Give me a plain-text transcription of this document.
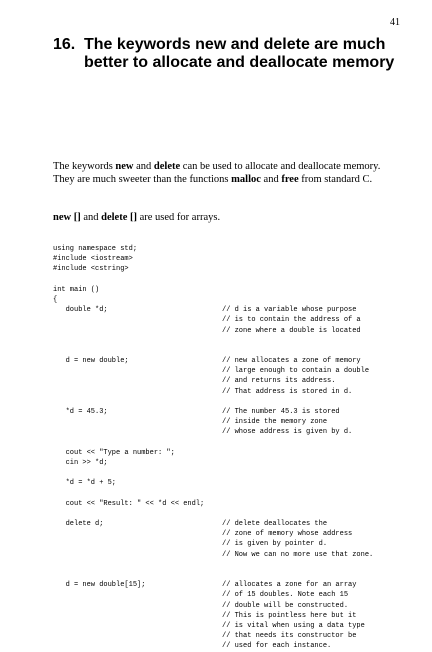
41
16. The keywords new and delete are much better to allocate and deallocate memory

The keywords new and delete can be used to allocate and deallocate memory. They are much sweeter than the functions malloc and free from standard C.

new [] and delete [] are used for arrays.
using namespace std;
#include <iostream>
#include <cstring>
int main ()
{
double *d;	// d is a variable whose purpose
// is to contain the address of a
// zone where a double is located
d = new double;	// new allocates a zone of memory
// large enough to contain a double
// and returns its address.
// That address is stored in d.
*d = 45.3;	// The number 45.3 is stored
// inside the memory zone
// whose address is given by d.
cout << "Type a number: ";
cin >> *d;
*d = *d + 5;
cout << "Result: " << *d << endl;
delete d;	// delete deallocates the
// zone of memory whose address
// is given by pointer d.
// Now we can no more use that zone.
d = new double[15];	// allocates a zone for an array
// of 15 doubles. Note each 15
// double will be constructed.
// This is pointless here but it
// is vital when using a data type
// that needs its constructor be
// used for each instance.
